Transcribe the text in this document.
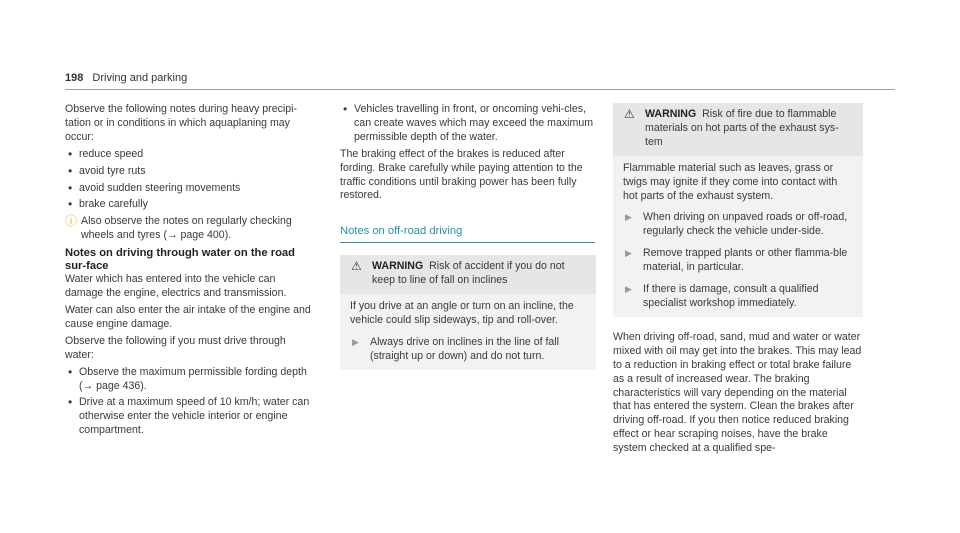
198 Driving and parking

Observe the following notes during heavy precipi-tation or in conditions in which aquaplaning may occur:

• reduce speed
• avoid tyre ruts
• avoid sudden steering movements
• brake carefully
ⓘ Also observe the notes on regularly checking wheels and tyres (→ page 400).
Notes on driving through water on the road sur-face

Water which has entered into the vehicle can damage the engine, electrics and transmission.

Water can also enter the air intake of the engine and cause engine damage.

Observe the following if you must drive through water:

• Observe the maximum permissible fording depth (→ page 436).
• Drive at a maximum speed of 10 km/h; water can otherwise enter the vehicle interior or engine compartment.
• Vehicles travelling in front, or oncoming vehi-cles, can create waves which may exceed the maximum permissible depth of the water.

The braking effect of the brakes is reduced after fording. Brake carefully while paying attention to the traffic conditions until braking power has been fully restored.

Notes on off-road driving
⚠ WARNING Risk of accident if you do not keep to line of fall on inclines
If you drive at an angle or turn on an incline, the vehicle could slip sideways, tip and roll-over.
▶ Always drive on inclines in the line of fall (straight up or down) and do not turn.
⚠ WARNING Risk of fire due to flammable materials on hot parts of the exhaust sys-tem
Flammable material such as leaves, grass or twigs may ignite if they come into contact with hot parts of the exhaust system.
▶ When driving on unpaved roads or off-road, regularly check the vehicle under-side.
▶ Remove trapped plants or other flamma-ble material, in particular.
▶ If there is damage, consult a qualified specialist workshop immediately.

When driving off-road, sand, mud and water or water mixed with oil may get into the brakes. This may lead to a reduction in braking effect or total brake failure as a result of increased wear. The braking characteristics will vary depending on the material that has entered the system. Clean the brakes after driving off-road. If you then notice reduced braking effect or hear scraping noises, have the brake system checked at a qualified spe-
